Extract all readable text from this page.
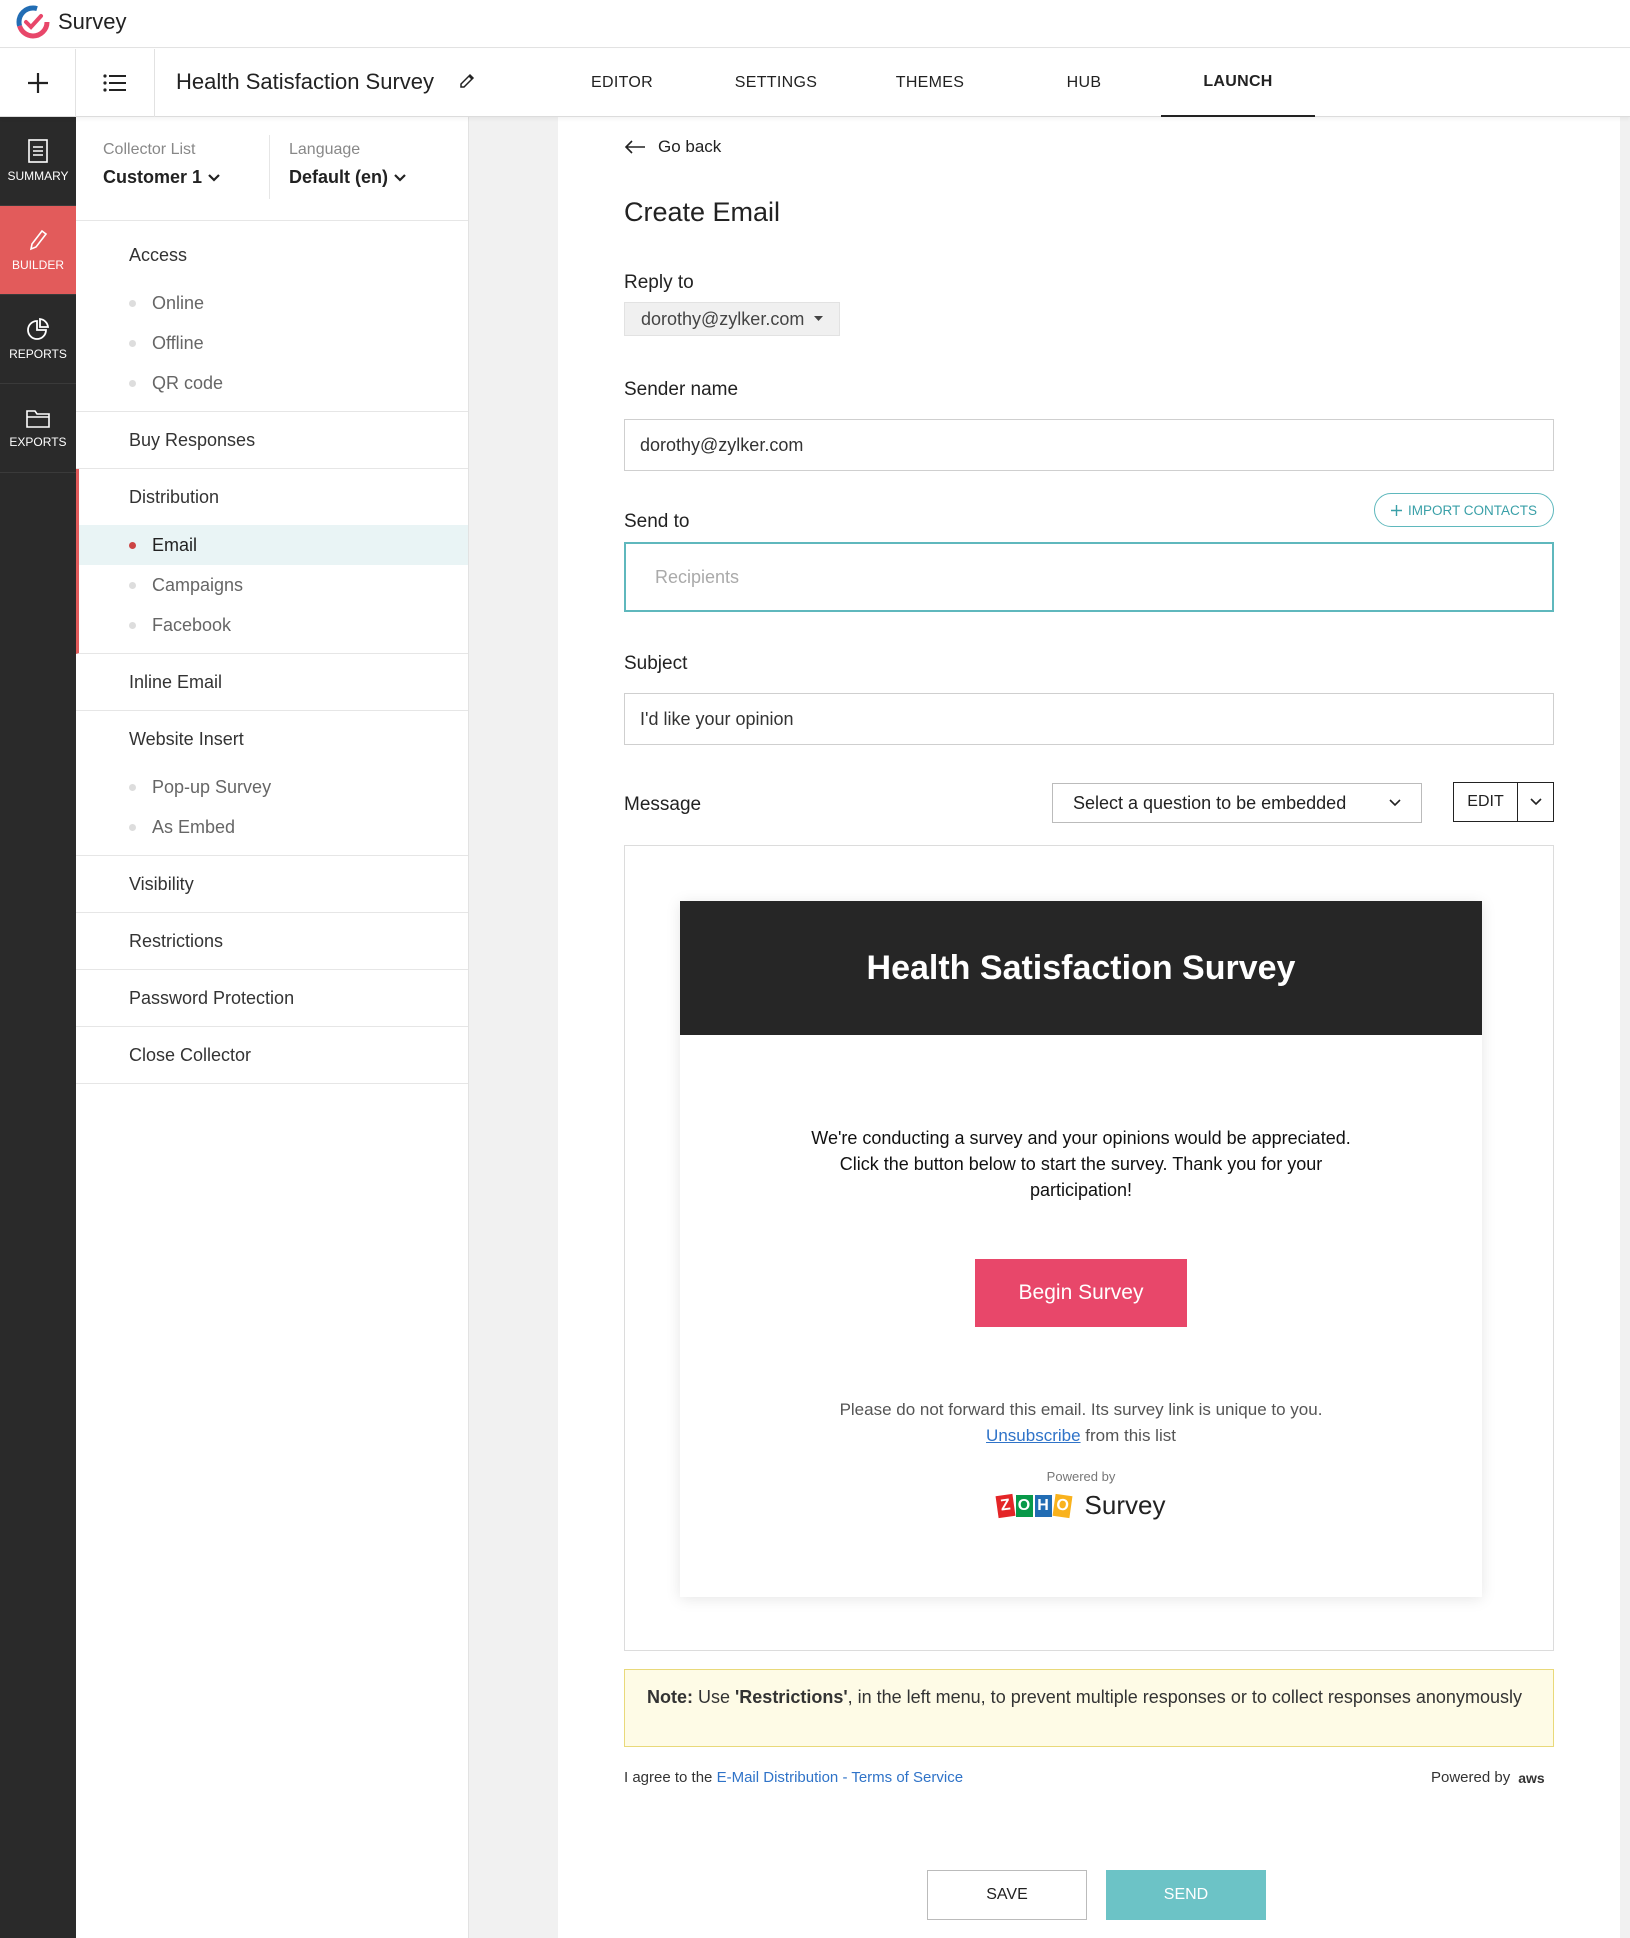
Survey
Health Satisfaction Survey	EDITOR	SETTINGS	THEMES	HUB	LAUNCH
SUMMARY
BUILDER
REPORTS
EXPORTS
Collector List
Customer 1
Language
Default (en)
Access
Online
Offline
QR code
Buy Responses
Distribution
Email
Campaigns
Facebook
Inline Email
Website Insert
Pop-up Survey
As Embed
Visibility
Restrictions
Password Protection
Close Collector
Go back
Create Email
Reply to
dorothy@zylker.com
Sender name
dorothy@zylker.com
Send to
IMPORT CONTACTS
Recipients
Subject
I'd like your opinion
Message	Select a question to be embedded	EDIT
Health Satisfaction Survey
We're conducting a survey and your opinions would be appreciated. Click the button below to start the survey. Thank you for your participation!
Begin Survey
Please do not forward this email. Its survey link is unique to you.
Unsubscribe from this list
Powered by
Z O H O Survey
Note: Use 'Restrictions', in the left menu, to prevent multiple responses or to collect responses anonymously
I agree to the E-Mail Distribution - Terms of Service	Powered by aws
SAVE	SEND
